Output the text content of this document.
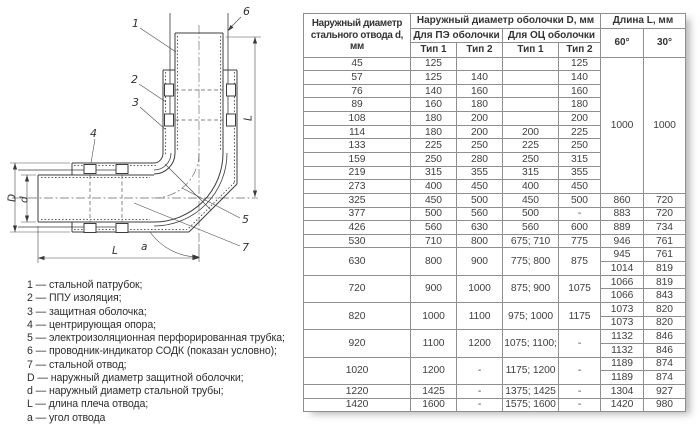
D d
L
L a
1
2
3
4
5
6
7
1 — стальной патрубок;
2 — ППУ изоляция;
3 — защитная оболочка;
4 — центрирующая опора;
5 — электроизоляционная перфорированная трубка;
6 — проводник-индикатор СОДК (показан условно);
7 — стальной отвод;
D — наружный диаметр защитной оболочки;
d — наружный диаметр стальной трубы;
L — длина плеча отвода;
a — угол отвода
Наружный диаметр стального отвода d, мм	Наружный диаметр оболочки D, мм				Длина L, мм	
	Для ПЭ оболочки		Для ОЦ оболочки		60°	30°
	Тип 1	Тип 2	Тип 1	Тип 2		
45	125			125	1000	1000
57	125	140		140		
76	140	160		160		
89	160	180		180		
108	180	200		200		
114	180	200	200	225		
133	225	250	225	250		
159	250	280	250	315		
219	315	355	315	355		
273	400	450	400	450		
325	450	500	450	500	860	720
377	500	560	500	-	883	720
426	560	630	560	600	889	734
530	710	800	675; 710	775	946	761
630	800	900	775; 800	875	945	761
					1014	819
720	900	1000	875; 900	1075	1066	819
					1066	843
820	1000	1100	975; 1000	1175	1073	820
					1073	820
920	1100	1200	1075; 1100;	-	1132	846
					1132	846
1020	1200	-	1175; 1200	-	1189	874
					1189	874
1220	1425	-	1375; 1425	-	1304	927
1420	1600	-	1575; 1600	-	1420	980
